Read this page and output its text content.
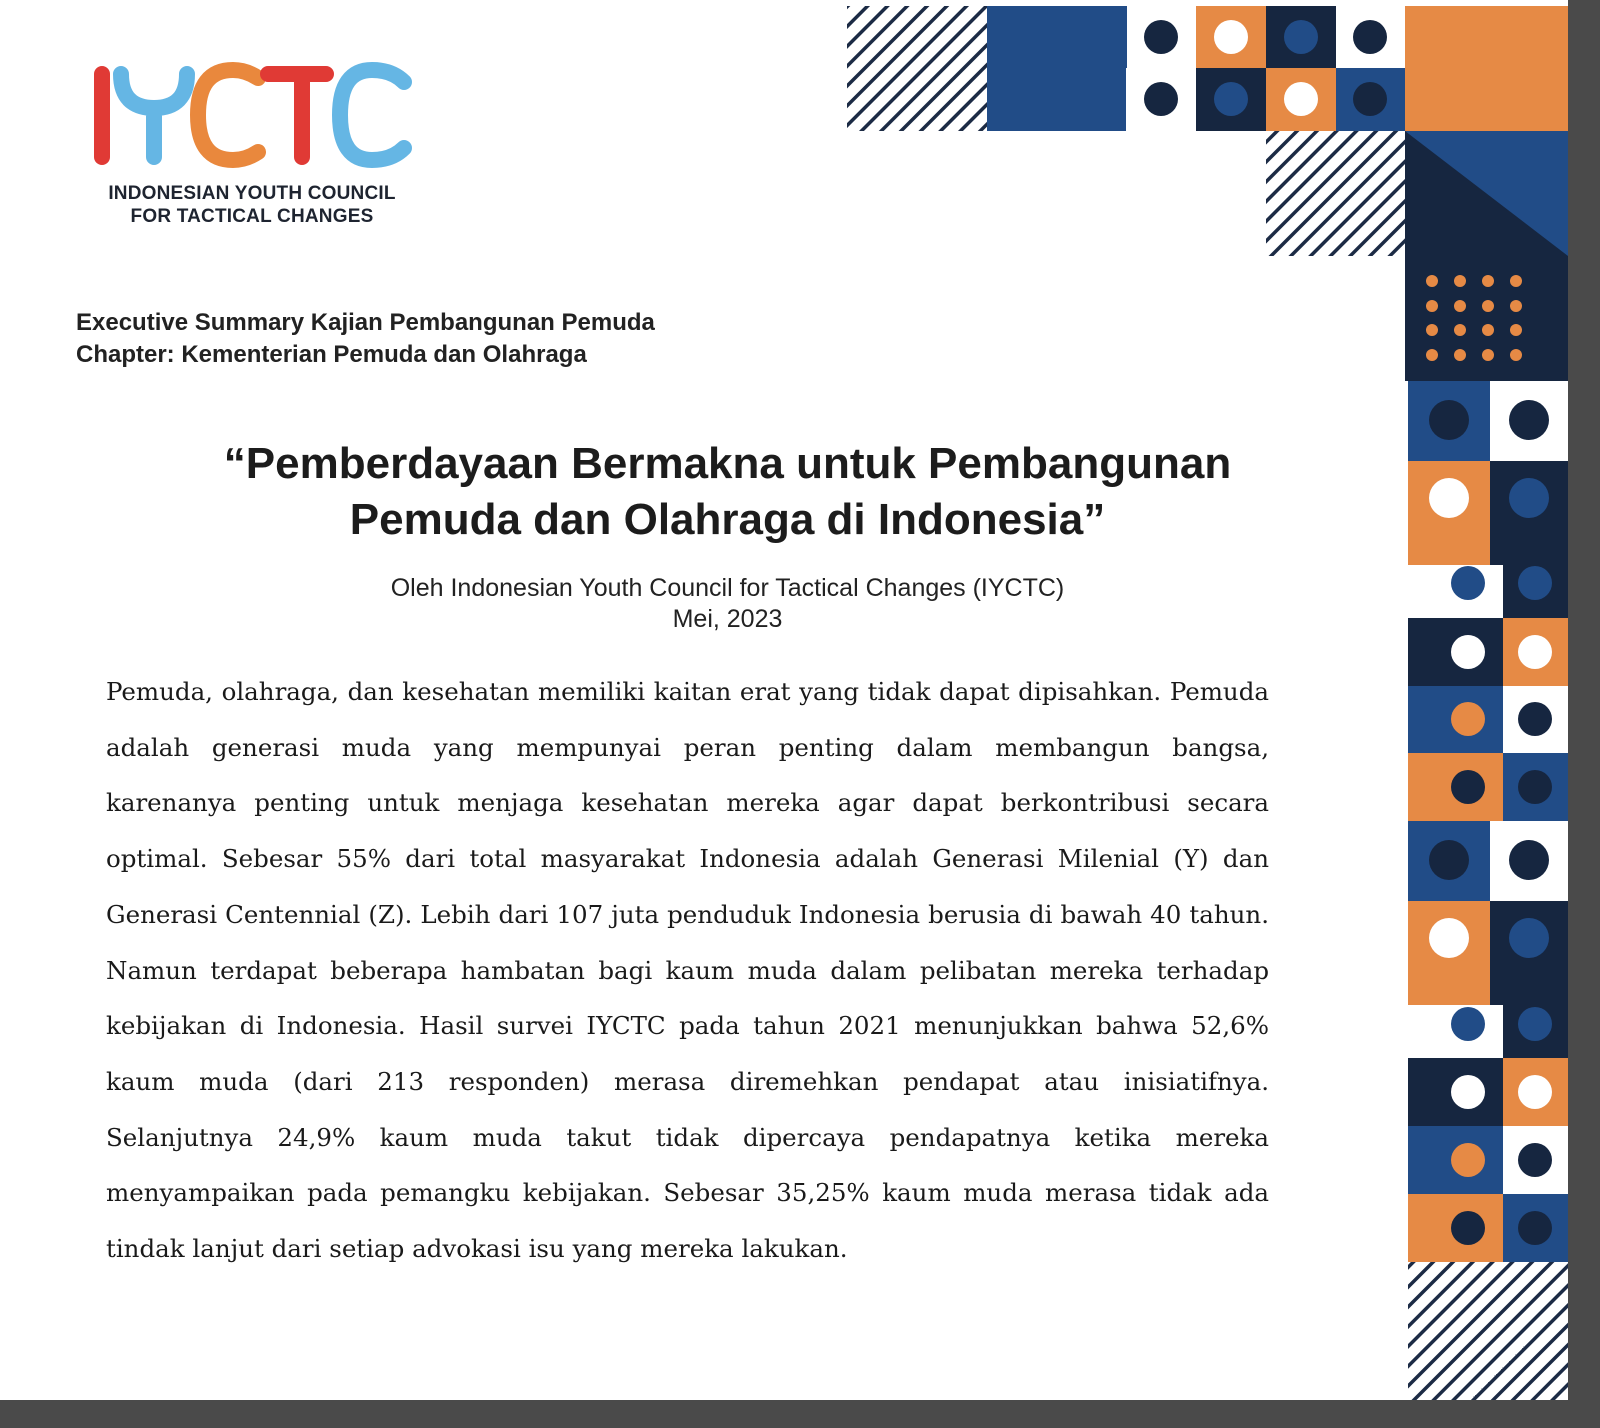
INDONESIAN YOUTH COUNCIL
FOR TACTICAL CHANGES
Executive Summary Kajian Pembangunan Pemuda
Chapter: Kementerian Pemuda dan Olahraga
“Pemberdayaan Bermakna untuk Pembangunan
Pemuda dan Olahraga di Indonesia”
Oleh Indonesian Youth Council for Tactical Changes (IYCTC)
Mei, 2023
Pemuda, olahraga, dan kesehatan memiliki kaitan erat yang tidak dapat dipisahkan. Pemuda adalah generasi muda yang mempunyai peran penting dalam membangun bangsa, karenanya penting untuk menjaga kesehatan mereka agar dapat berkontribusi secara optimal. Sebesar 55% dari total masyarakat Indonesia adalah Generasi Milenial (Y) dan Generasi Centennial (Z). Lebih dari 107 juta penduduk Indonesia berusia di bawah 40 tahun. Namun terdapat beberapa hambatan bagi kaum muda dalam pelibatan mereka terhadap kebijakan di Indonesia. Hasil survei IYCTC pada tahun 2021 menunjukkan bahwa 52,6% kaum muda (dari 213 responden) merasa diremehkan pendapat atau inisiatifnya. Selanjutnya 24,9% kaum muda takut tidak dipercaya pendapatnya ketika mereka menyampaikan pada pemangku kebijakan. Sebesar 35,25% kaum muda merasa tidak ada tindak lanjut dari setiap advokasi isu yang mereka lakukan.
